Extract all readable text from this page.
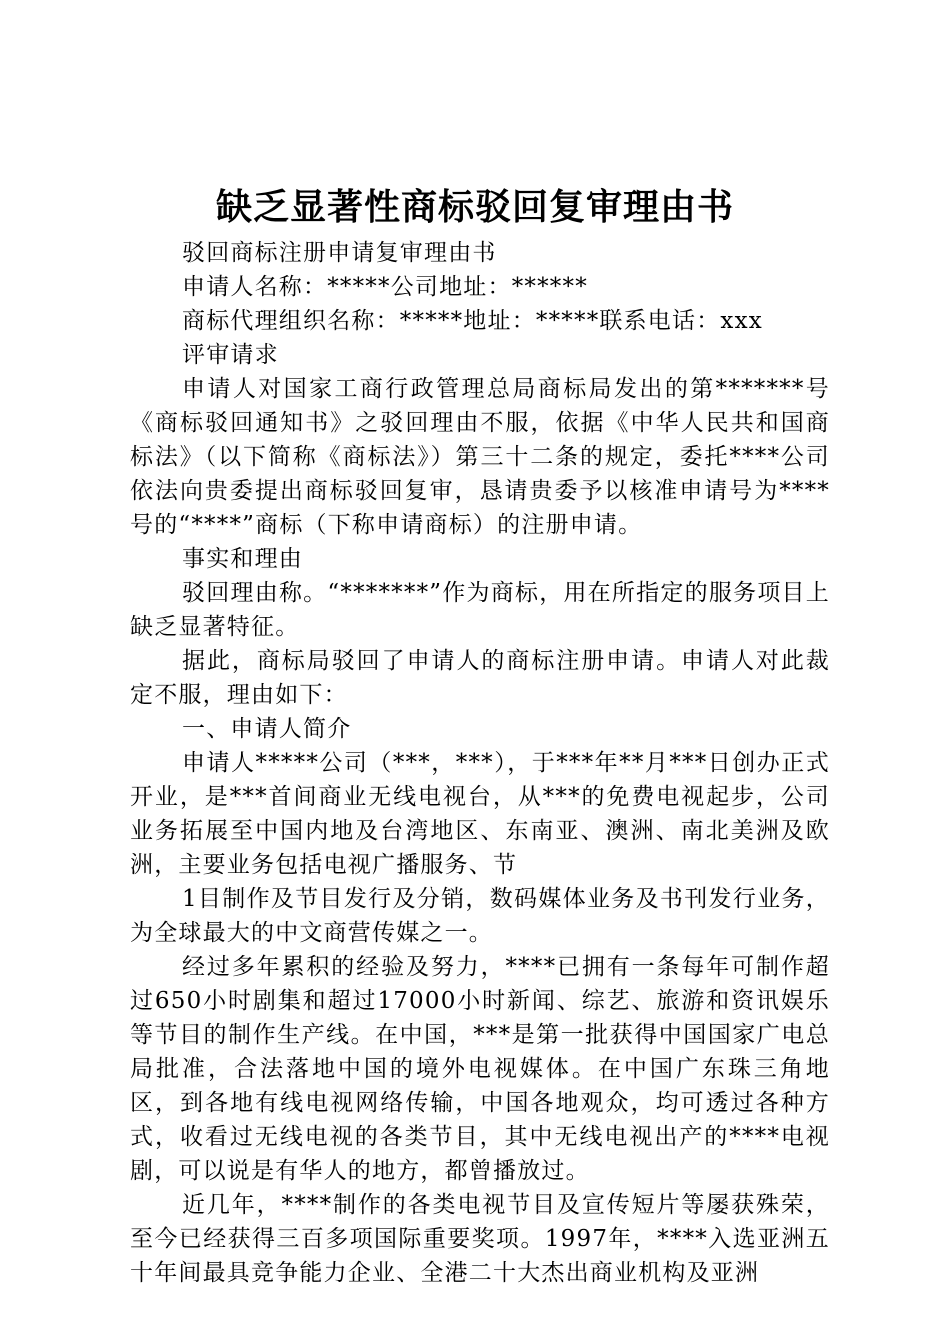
缺乏显著性商标驳回复审理由书

驳回商标注册申请复审理由书

申请人名称：*****公司地址：******

商标代理组织名称：*****地址：*****联系电话：xxx

评审请求

申请人对国家工商行政管理总局商标局发出的第*******号《商标驳回通知书》之驳回理由不服，依据《中华人民共和国商标法》（以下简称《商标法》）第三十二条的规定，委托****公司依法向贵委提出商标驳回复审，恳请贵委予以核准申请号为****号的“****”商标（下称申请商标）的注册申请。

事实和理由

驳回理由称。“*******”作为商标，用在所指定的服务项目上缺乏显著特征。

据此，商标局驳回了申请人的商标注册申请。申请人对此裁定不服，理由如下：

一、申请人简介

申请人*****公司（***，***），于***年**月***日创办正式开业，是***首间商业无线电视台，从***的免费电视起步，公司业务拓展至中国内地及台湾地区、东南亚、澳洲、南北美洲及欧洲，主要业务包括电视广播服务、节

1目制作及节目发行及分销，数码媒体业务及书刊发行业务，为全球最大的中文商营传媒之一。

经过多年累积的经验及努力，****已拥有一条每年可制作超过650小时剧集和超过17000小时新闻、综艺、旅游和资讯娱乐等节目的制作生产线。在中国，***是第一批获得中国国家广电总局批准，合法落地中国的境外电视媒体。在中国广东珠三角地区，到各地有线电视网络传输，中国各地观众，均可透过各种方式，收看过无线电视的各类节目，其中无线电视出产的****电视剧，可以说是有华人的地方，都曾播放过。

近几年，****制作的各类电视节目及宣传短片等屡获殊荣，至今已经获得三百多项国际重要奖项。1997年，****入选亚洲五十年间最具竞争能力企业、全港二十大杰出商业机构及亚洲
